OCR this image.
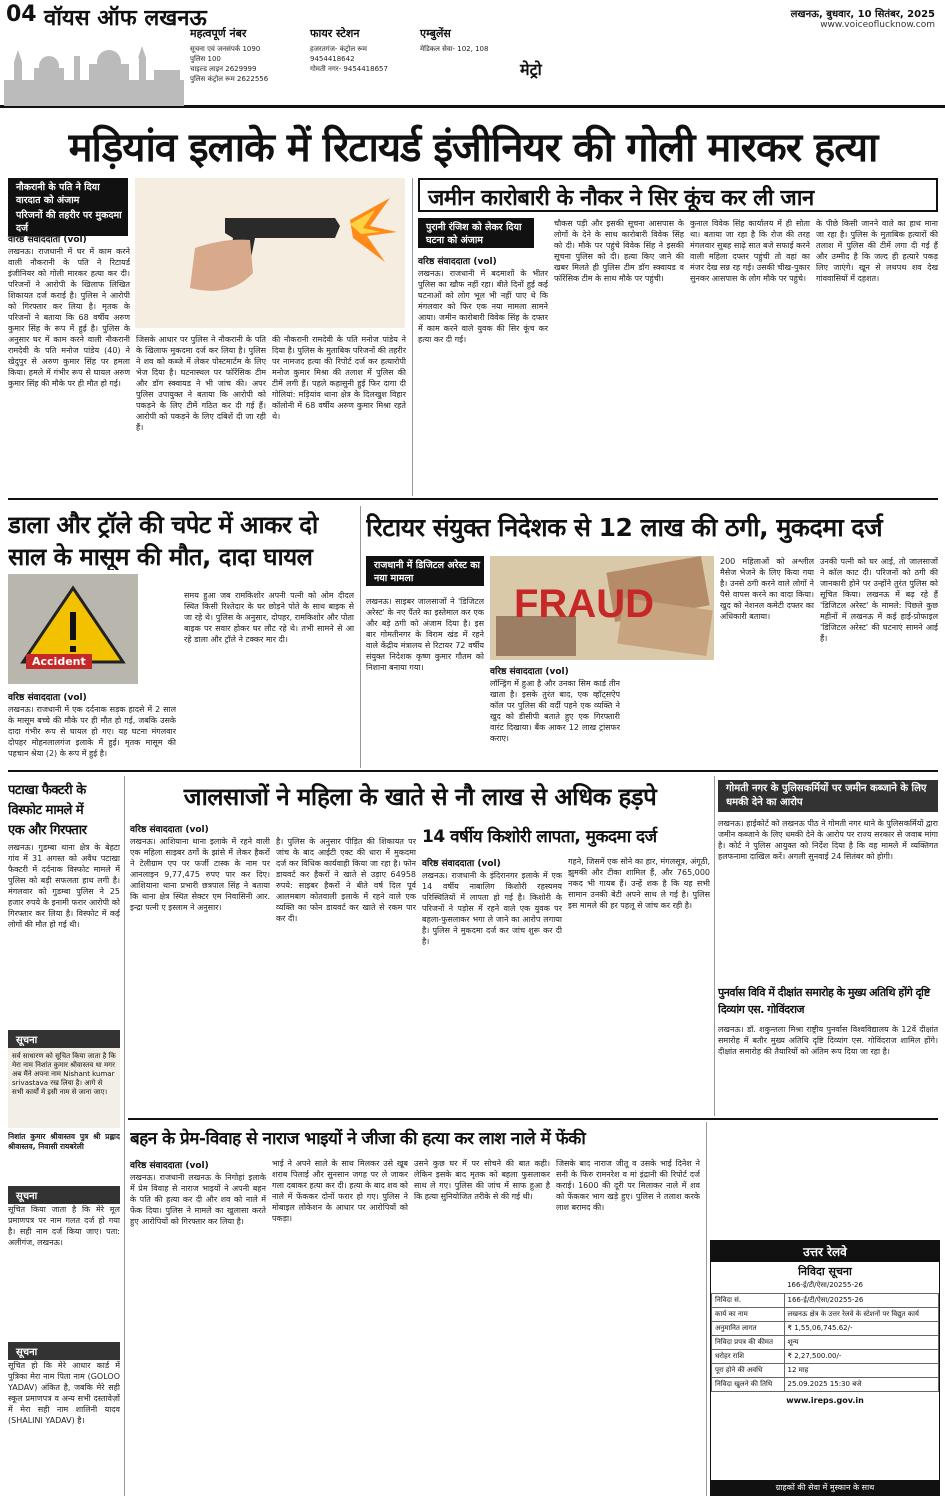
04 वॉयस ऑफ लखनऊ	लखनऊ, बुधवार, 10 सितंबर, 2025
www.voiceoflucknow.com
महत्वपूर्ण नंबर
सूचना एवं जनसंपर्क 1090
पुलिस 100
चाइल्ड लाइन 2629999
पुलिस कंट्रोल रूम 2622556
फायर स्टेशन
हजरतगंज- कंट्रोल रूम
9454418642
गोमती नगर- 9454418657
एम्बुलेंस
मेडिकल सेवा- 102, 108
मेट्रो
मड़ियांव इलाके में रिटायर्ड इंजीनियर की गोली मारकर हत्या
नौकरानी के पति ने दिया वारदात को अंजाम
परिजनों की तहरीर पर मुकदमा दर्ज
वरिष्ठ संवाददाता (vol)
लखनऊ। राजधानी में घर में काम करने वाली नौकरानी के पति ने रिटायर्ड इंजीनियर को गोली मारकर हत्या कर दी। परिजनों ने आरोपी के खिलाफ लिखित शिकायत दर्ज कराई है। पुलिस ने आरोपी को गिरफ्तार कर लिया है। मृतक के परिजनों ने बताया कि 68 वर्षीय अरुण कुमार सिंह के रूप में हुई है। पुलिस के अनुसार घर में काम करने वाली नौकरानी रामदेवी के पति मनोज पांडेय (40) ने खेदुपुर से अरुण कुमार सिंह पर हमला किया। हमले में गंभीर रूप से घायल अरुण कुमार सिंह की मौके पर ही मौत हो गई।
जिसके आधार पर पुलिस ने नौकरानी के पति के खिलाफ मुकदमा दर्ज कर लिया है। पुलिस ने शव को कब्जे में लेकर पोस्टमार्टम के लिए भेज दिया है। घटनास्थल पर फॉरेंसिक टीम और डॉग स्क्वायड ने भी जांच की। अपर पुलिस उपायुक्त ने बताया कि आरोपी को पकड़ने के लिए टीमें गठित कर दी गई हैं। आरोपी को पकड़ने के लिए दबिशें दी जा रही हैं।
की नौकरानी रामदेवी के पति मनोज पांडेय ने दिया है। पुलिस के मुताबिक परिजनों की तहरीर पर नामजद हत्या की रिपोर्ट दर्ज कर हत्यारोपी मनोज कुमार मिश्रा की तलाश में पुलिस की टीमें लगी हैं। पहले कहासुनी हुई फिर दागा दी गोलियां: मड़ियांव थाना क्षेत्र के दिलखुश विहार कॉलोनी में 68 वर्षीय अरुण कुमार मिश्रा रहते थे।
जमीन कारोबारी के नौकर ने सिर कूंच कर ली जान
पुरानी रंजिश को लेकर दिया घटना को अंजाम
वरिष्ठ संवाददाता (vol)
लखनऊ। राजधानी में बदमाशों के भीतर पुलिस का खौफ नहीं रहा। बीते दिनों हुई कई घटनाओं को लोग भूल भी नहीं पाए थे कि मंगलवार को फिर एक नया मामला सामने आया। जमीन कारोबारी विवेक सिंह के दफ्तर में काम करने वाले युवक की सिर कूंच कर हत्या कर दी गई।
चौकस पड़ी और इसकी सूचना आसपास के लोगों के देने के साथ कारोबारी विवेक सिंह को दी। मौके पर पहुंचे विवेक सिंह ने इसकी सूचना पुलिस को दी। हत्या किए जाने की खबर मिलते ही पुलिस टीम डॉग स्क्वायड व फॉरेंसिक टीम के साथ मौके पर पहुंची।
कुनाल विवेक सिंह कार्यालय में ही सोता था। बताया जा रहा है कि रोज की तरह मंगलवार सुबह साढ़े सात बजे सफाई करने वाली महिला दफ्तर पहुंची तो वहां का मंजर देख सन्न रह गई। उसकी चीख-पुकार सुनकर आसपास के लोग मौके पर पहुंचे।
के पीछे किसी जानने वाले का हाथ माना जा रहा है। पुलिस के मुताबिक हत्यारों की तलाश में पुलिस की टीमें लगा दी गई हैं और उम्मीद है कि जल्द ही हत्यारे पकड़ लिए जाएंगे। खून से लथपथ शव देख गांववासियों में दहशत।
डाला और ट्रॉले की चपेट में आकर दो
साल के मासूम की मौत, दादा घायल
Accident
वरिष्ठ संवाददाता (vol)
लखनऊ। राजधानी में एक दर्दनाक सड़क हादसे में 2 साल के मासूम बच्चे की मौके पर ही मौत हो गई, जबकि उसके दादा गंभीर रूप से घायल हो गए। यह घटना मंगलवार दोपहर मोहनलालगंज इलाके में हुई। मृतक मासूम की पहचान श्रेया (2) के रूप में हुई है।
समय हुआ जब रामकिशोर अपनी पत्नी को ओम दीदल स्थित किसी रिश्तेदार के घर छोड़ने पोते के साथ बाइक से जा रहे थे। पुलिस के अनुसार, दोपहर, रामकिशोर और पोता बाइक पर सवार होकर घर लौट रहे थे। तभी सामने से आ रहे डाला और ट्रॉले ने टक्कर मार दी।
रिटायर संयुक्त निदेशक से 12 लाख की ठगी, मुकदमा दर्ज
राजधानी में डिजिटल अरेस्ट का नया मामला
FRAUD
वरिष्ठ संवाददाता (vol)
लखनऊ। साइबर जालसाजों ने 'डिजिटल अरेस्ट' के नए पैंतरे का इस्तेमाल कर एक और बड़े ठगी को अंजाम दिया है। इस बार गोमतीनगर के विराम खंड में रहने वाले केंद्रीय मंत्रालय से रिटायर 72 वर्षीय संयुक्त निदेशक कृष्ण कुमार गौतम को निशाना बनाया गया।
लॉन्ड्रिंग में हुआ है और उनका सिम कार्ड तीन खाता है। इसके तुरंत बाद, एक व्हॉट्सऐप कॉल पर पुलिस की वर्दी पहने एक व्यक्ति ने खुद को डीसीपी बताते हुए एक गिरफ्तारी वारंट दिखाया। बैंक आकर 12 लाख ट्रांसफर कराए।
200 महिलाओं को अश्लील मैसेज भेजने के लिए किया गया है। उनसे ठगी करने वाले लोगों ने पैसे वापस करने का वादा किया। खुद को नेशनल कमेटी दफ्तर का अधिकारी बताया।
उनकी पत्नी को घर आई, तो जालसाजों ने कॉल काट दी। परिजनों को ठगी की जानकारी होने पर उन्होंने तुरंत पुलिस को सूचित किया। लखनऊ में बढ़ रहे हैं 'डिजिटल अरेस्ट' के मामले: पिछले कुछ महीनों में लखनऊ में कई हाई-प्रोफाइल 'डिजिटल अरेस्ट' की घटनाएं सामने आई हैं।
पटाखा फैक्टरी के
विस्फोट मामले में
एक और गिरफ्तार
लखनऊ। गुडम्बा थाना क्षेत्र के बेहटा गांव में 31 अगस्त को अवैध पटाखा फैक्टरी में दर्दनाक विस्फोट मामले में पुलिस को बड़ी सफलता हाथ लगी है। मंगलवार को गुडम्बा पुलिस ने 25 हजार रुपये के इनामी फरार आरोपी को गिरफ्तार कर लिया है। विस्फोट में कई लोगों की मौत हो गई थी।
जालसाजों ने महिला के खाते से नौ लाख से अधिक हड़पे
वरिष्ठ संवाददाता (vol)
लखनऊ। आशियाना थाना इलाके में रहने वाली एक महिला साइबर ठगों के झांसे में लेकर हैकरों ने टेलीग्राम एप पर फर्जी टास्क के नाम पर आनलाइन 9,77,475 रुपए पार कर दिए। आशियाना थाना प्रभारी छत्रपाल सिंह ने बताया कि थाना क्षेत्र स्थित सेक्टर एम निवासिनी आर. इन्द्रा पत्नी ए इस्लाम ने अनुसार।
है। पुलिस के अनुसार पीड़ित की शिकायत पर जांच के बाद आईटी एक्ट की धारा में मुकदमा दर्ज कर विधिक कार्यवाही किया जा रहा है। फोन डायवर्ट कर हैकरों ने खाते से उड़ाए 64958 रुपये: साइबर हैकरों ने बीते वर्ष दिल पूर्व आलमबाग कोतवाली इलाके में रहने वाले एक व्यक्ति का फोन डायवर्ट कर खाते से रकम पार कर दी।
14 वर्षीय किशोरी लापता, मुकदमा दर्ज
वरिष्ठ संवाददाता (vol)
लखनऊ। राजधानी के इंदिरानगर इलाके में एक 14 वर्षीय नाबालिग किशोरी रहस्यमय परिस्थितियों में लापता हो गई है। किशोरी के परिजनों ने पड़ोस में रहने वाले एक युवक पर बहला-फुसलाकर भगा ले जाने का आरोप लगाया है। पुलिस ने मुकदमा दर्ज कर जांच शुरू कर दी है।
गहने, जिसमें एक सोने का हार, मंगलसूत्र, अंगूठी, झुमकी और टीका शामिल हैं, और 765,000 नकद भी गायब हैं। उन्हें शक है कि यह सभी सामान उनकी बेटी अपने साथ ले गई है। पुलिस इस मामले की हर पहलू से जांच कर रही है।
गोमती नगर के पुलिसकर्मियों पर जमीन कब्जाने के लिए धमकी देने का आरोप
लखनऊ। हाईकोर्ट को लखनऊ पीठ ने गोमती नगर थाने के पुलिसकर्मियों द्वारा जमीन कब्जाने के लिए धमकी देने के आरोप पर राज्य सरकार से जवाब मांगा है। कोर्ट ने पुलिस आयुक्त को निर्देश दिया है कि वह मामले में व्यक्तिगत हलफनामा दाखिल करें। अगली सुनवाई 24 सितंबर को होगी।
पुनर्वास विवि में दीक्षांत समारोह के मुख्य अतिथि होंगे दृष्टि दिव्यांग एस. गोविंदराज
लखनऊ। डॉ. शकुन्तला मिश्रा राष्ट्रीय पुनर्वास विश्वविद्यालय के 12वें दीक्षांत समारोह में बतौर मुख्य अतिथि दृष्टि दिव्यांग एस. गोविंदराज शामिल होंगे। दीक्षांत समारोह की तैयारियों को अंतिम रूप दिया जा रहा है।
बहन के प्रेम-विवाह से नाराज भाइयों ने जीजा की हत्या कर लाश नाले में फेंकी
वरिष्ठ संवाददाता (vol)
लखनऊ। राजधानी लखनऊ के निगोहां इलाके में प्रेम विवाह से नाराज भाइयों ने अपनी बहन के पति की हत्या कर दी और शव को नाले में फेंक दिया। पुलिस ने मामले का खुलासा करते हुए आरोपियों को गिरफ्तार कर लिया है।
भाई ने अपने साले के साथ मिलकर उसे खूब शराब पिलाई और सुनसान जगह पर ले जाकर गला दबाकर हत्या कर दी। हत्या के बाद शव को नाले में फेंककर दोनों फरार हो गए। पुलिस ने मोबाइल लोकेशन के आधार पर आरोपियों को पकड़ा।
उसने कुछ घर में पर सोचने की बात कही। लेकिन इसके बाद मृतक को बहला फुसलाकर साथ ले गए। पुलिस की जांच में साफ हुआ है कि हत्या सुनियोजित तरीके से की गई थी।
जिसके बाद नाराज जीतू व उसके भाई दिनेश ने सनी के फिरु रामनरेश व मां इंद्रानी की रिपोर्ट दर्ज कराई। 1600 की दूरी पर मिलाकर नाले में शव को फेंककर भाग खड़े हुए। पुलिस ने तलाश करके लाश बरामद की।
सूचना
सर्व साधारण को सूचित किया जाता है कि मेरा नाम निशांत कुमार श्रीवास्तव था मगर अब मैंने अपना नाम Nishant kumar srivastava रख लिया है। आगे से सभी कार्यों में इसी नाम से जाना जाए।
निशांत कुमार श्रीवास्तव पुत्र श्री प्रह्लाद श्रीवास्तव, निवासी रायबरेली
सूचना
सूचित किया जाता है कि मेरे मूल प्रमाणपत्र पर नाम गलत दर्ज हो गया है। सही नाम दर्ज किया जाए। पता: अलीगंज, लखनऊ।
सूचना
सूचित हो कि मेरे आधार कार्ड में पुत्रिका मेरा नाम पिता नाम (GOLOO YADAV) अंकित है, जबकि मेरे सही स्कूल प्रमाणपत्र व अन्य सभी दस्तावेज़ों में मेरा सही नाम शालिनी यादव (SHALINI YADAV) है।
उत्तर रेलवे
निविदा सूचना
166-ई/टी/ऐसा/20255-26
निविदा सं.	166-ई/टी/ऐसा/20255-26
कार्य का नाम	लखनऊ क्षेत्र के उत्तर रेलवे के स्टेशनों पर विद्युत कार्य
अनुमानित लागत	₹ 1,55,06,745.62/-
निविदा प्रपत्र की कीमत	शून्य
धरोहर राशि	₹ 2,27,500.00/-
पूरा होने की अवधि	12 माह
निविदा खुलने की तिथि	25.09.2025 15:30 बजे
www.ireps.gov.in
ग्राहकों की सेवा में मुस्कान के साथ
